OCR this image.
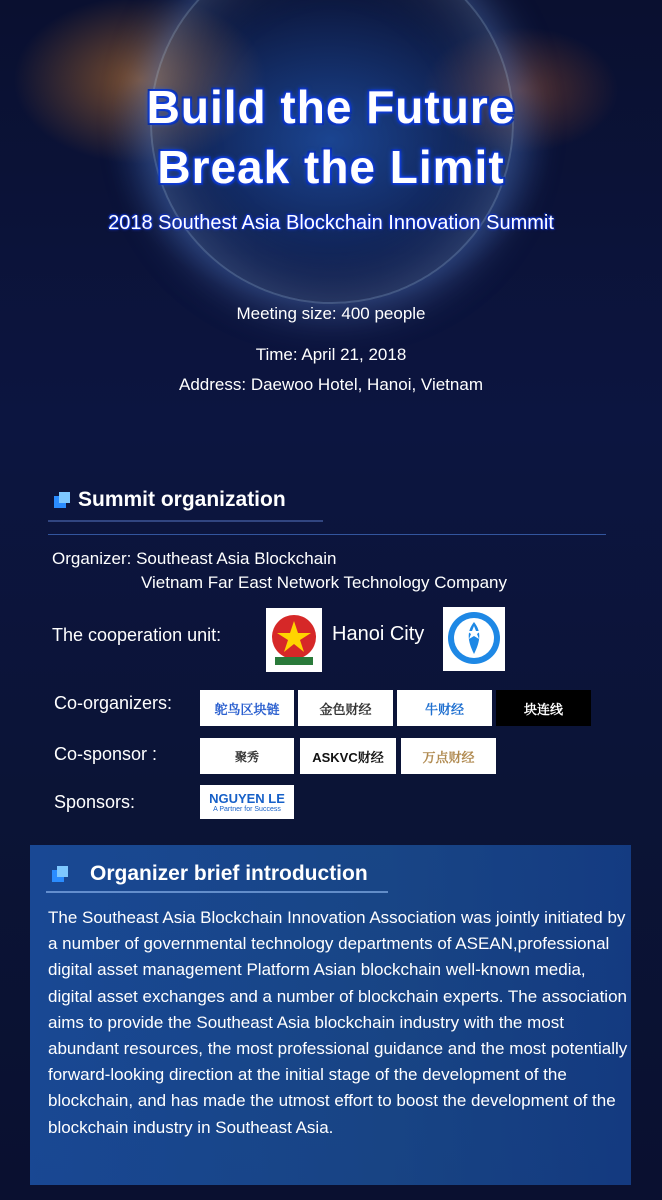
Build the Future
Break the Limit
2018 Southest Asia Blockchain Innovation Summit
Meeting size: 400 people
Time: April 21, 2018
Address: Daewoo Hotel, Hanoi, Vietnam
Summit organization
Organizer: Southeast Asia Blockchain
Vietnam Far East Network Technology Company
The cooperation unit:	Hanoi City
Co-organizers:	鸵鸟区块链	金色财经	牛财经	块连线
Co-sponsor :	聚秀	ASKVC财经	万点财经
Sponsors:	NGUYEN LE
A Partner for Success
Organizer brief introduction
The Southeast Asia Blockchain Innovation Association was jointly initiated by a number of governmental technology departments of ASEAN,professional digital asset management Platform Asian blockchain well-known media, digital asset exchanges and a number of blockchain experts. The association aims to provide the Southeast Asia blockchain industry with the most abundant resources, the most professional guidance and the most potentially forward-looking direction at the initial stage of the development of the blockchain, and has made the utmost effort to boost the development of the blockchain industry in Southeast Asia.
